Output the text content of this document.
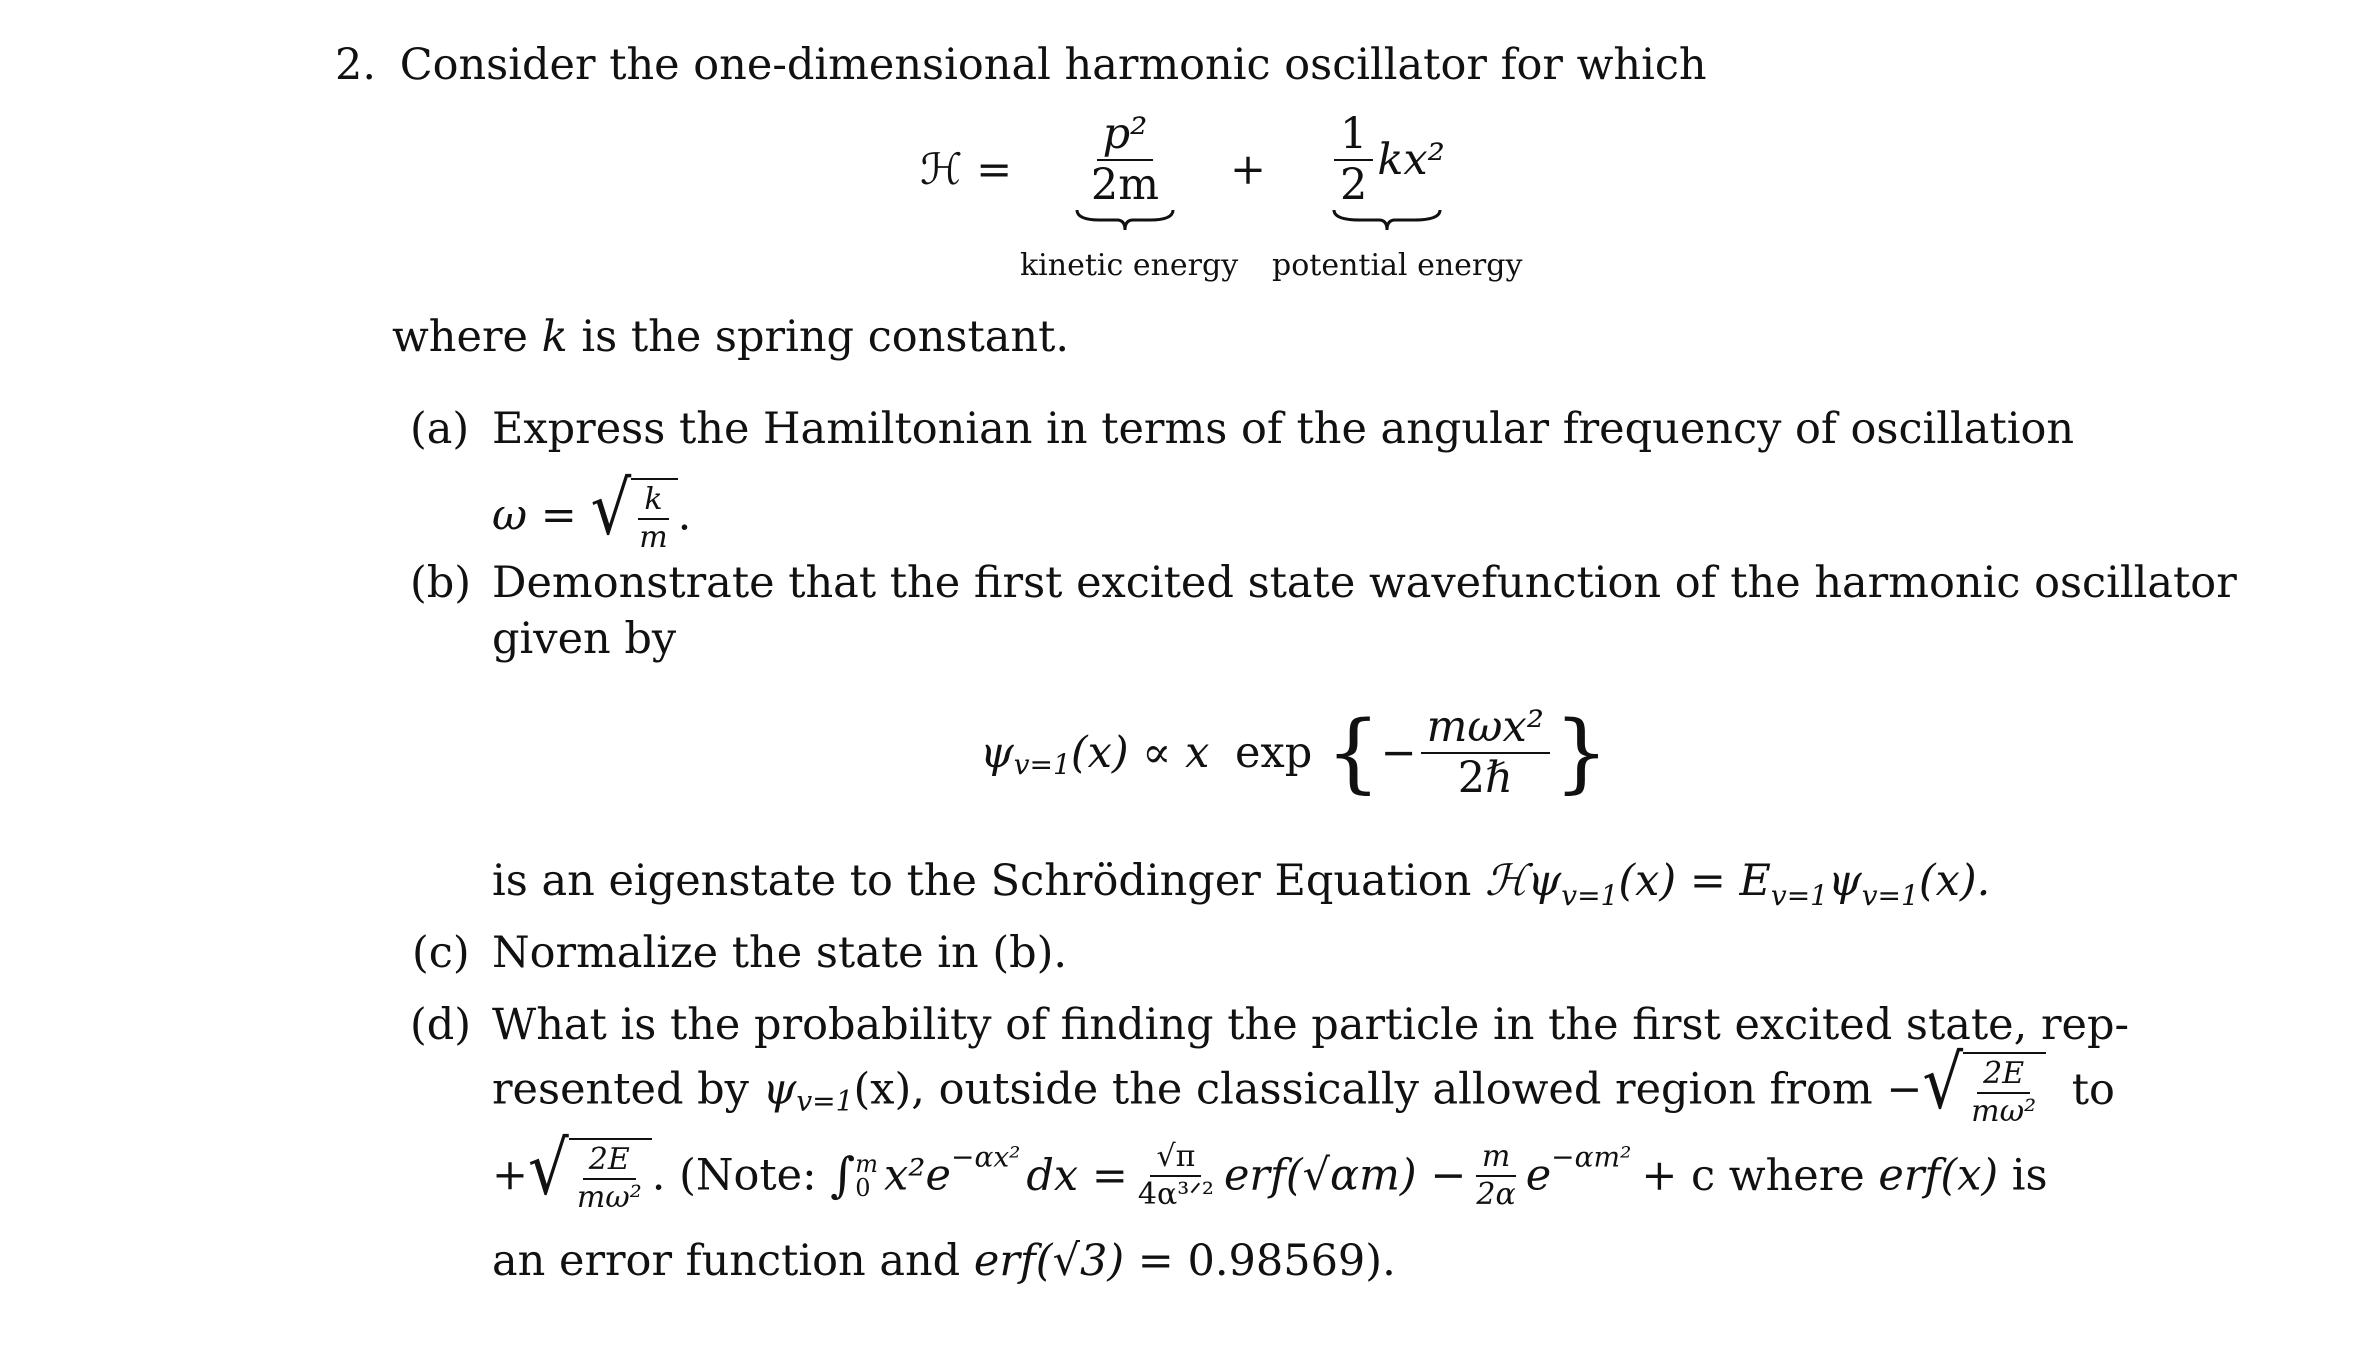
2. Consider the one-dimensional harmonic oscillator for which
ℋ = $\frac{\text{p²}}{2m} + \frac{1}{2} kx^2$
kinetic energy potential energy
where k is the spring constant.
(a) Express the Hamiltonian in terms of the angular frequency of oscillation
ω = √ $\frac{k}{m}$ .
(b) Demonstrate that the first excited state wavefunction of the harmonic oscillator
given by
$\psi_{v=1}(x) \propto x$ exp {− $\frac{\text{mωx²}}{\text{2ℏ}}$ }
is an eigenstate to the Schrödinger Equation ℋψ$_{v=1}$(x) = $E_{v=1}\psi_{v=1}(x)$.
(c) Normalize the state in (b).
(d) What is the probability of finding the particle in the first excited state, rep-
resented by $\psi_{v=1}(x)$, outside the classically allowed region from − √ $\frac{2E}{\text{mω²}}$ to
+ √ $\frac{2E}{\text{mω²}}$ . (Note: ∫ m
0 $x^2e^{-\alpha x^2}$ dx = $\frac{√\pi}{\text{4α³ᐟ²}} erf(√\alpha m) - \frac{m}{2\alpha} e^{-\alpha m^2} + c$ where erf(x) is
an error function and erf(√3) = 0.98569).
